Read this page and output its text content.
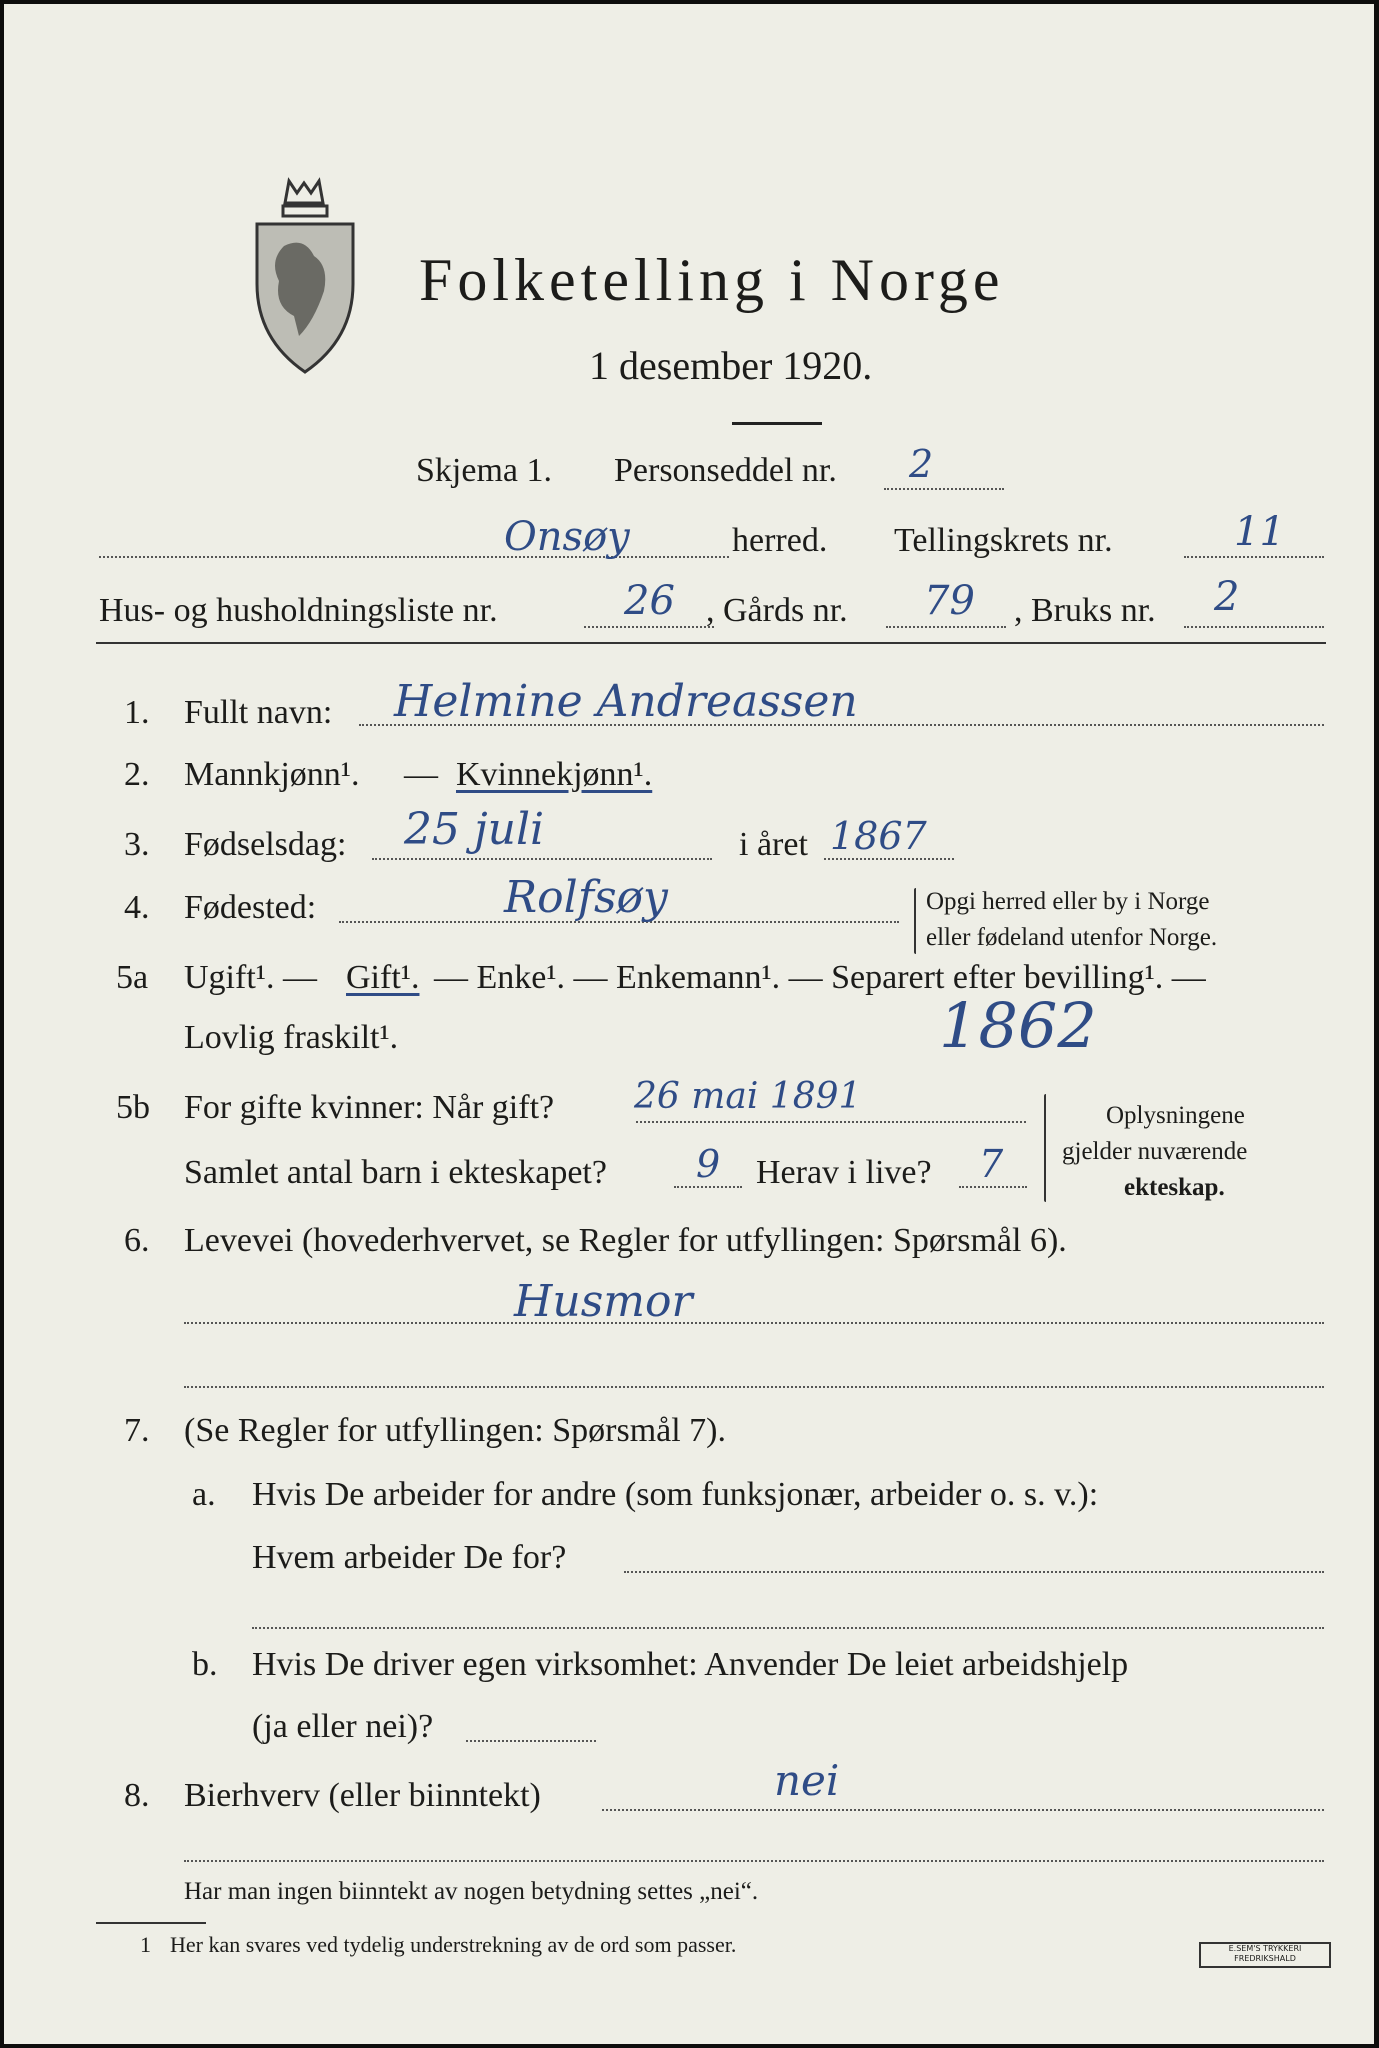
Folketelling i Norge
1 desember 1920.
Skjema 1. Personseddel nr. 2
Onsøy	herred. Tellingskrets nr.	11
Hus- og husholdningsliste nr.	26 , Gårds nr. 79 , Bruks nr. 2
1. Fullt navn: Helmine Andreassen
2. Mannkjønn¹. — Kvinnekjønn¹.
3. Fødselsdag: 25 juli	i året 1867
4. Fødested:	Rolfsøy	Opgi herred eller by i Norge
eller fødeland utenfor Norge.
5a Ugift¹. — Gift¹. — Enke¹. — Enkemann¹. — Separert efter bevilling¹. —
Lovlig fraskilt¹.	1862
5b For gifte kvinner: Når gift? 26 mai 1891
Samlet antal barn i ekteskapet? 9 Herav i live? 7
Oplysningene
gjelder nuværende
ekteskap.
6. Levevei (hovederhvervet, se Regler for utfyllingen: Spørsmål 6).
Husmor
7. (Se Regler for utfyllingen: Spørsmål 7).
a. Hvis De arbeider for andre (som funksjonær, arbeider o. s. v.):
Hvem arbeider De for?
b. Hvis De driver egen virksomhet: Anvender De leiet arbeidshjelp
(ja eller nei)?
8. Bierhverv (eller biinntekt)	nei
Har man ingen biinntekt av nogen betydning settes „nei“.
1 Her kan svares ved tydelig understrekning av de ord som passer.	E.SEM'S TRYKKERI
FREDRIKSHALD
